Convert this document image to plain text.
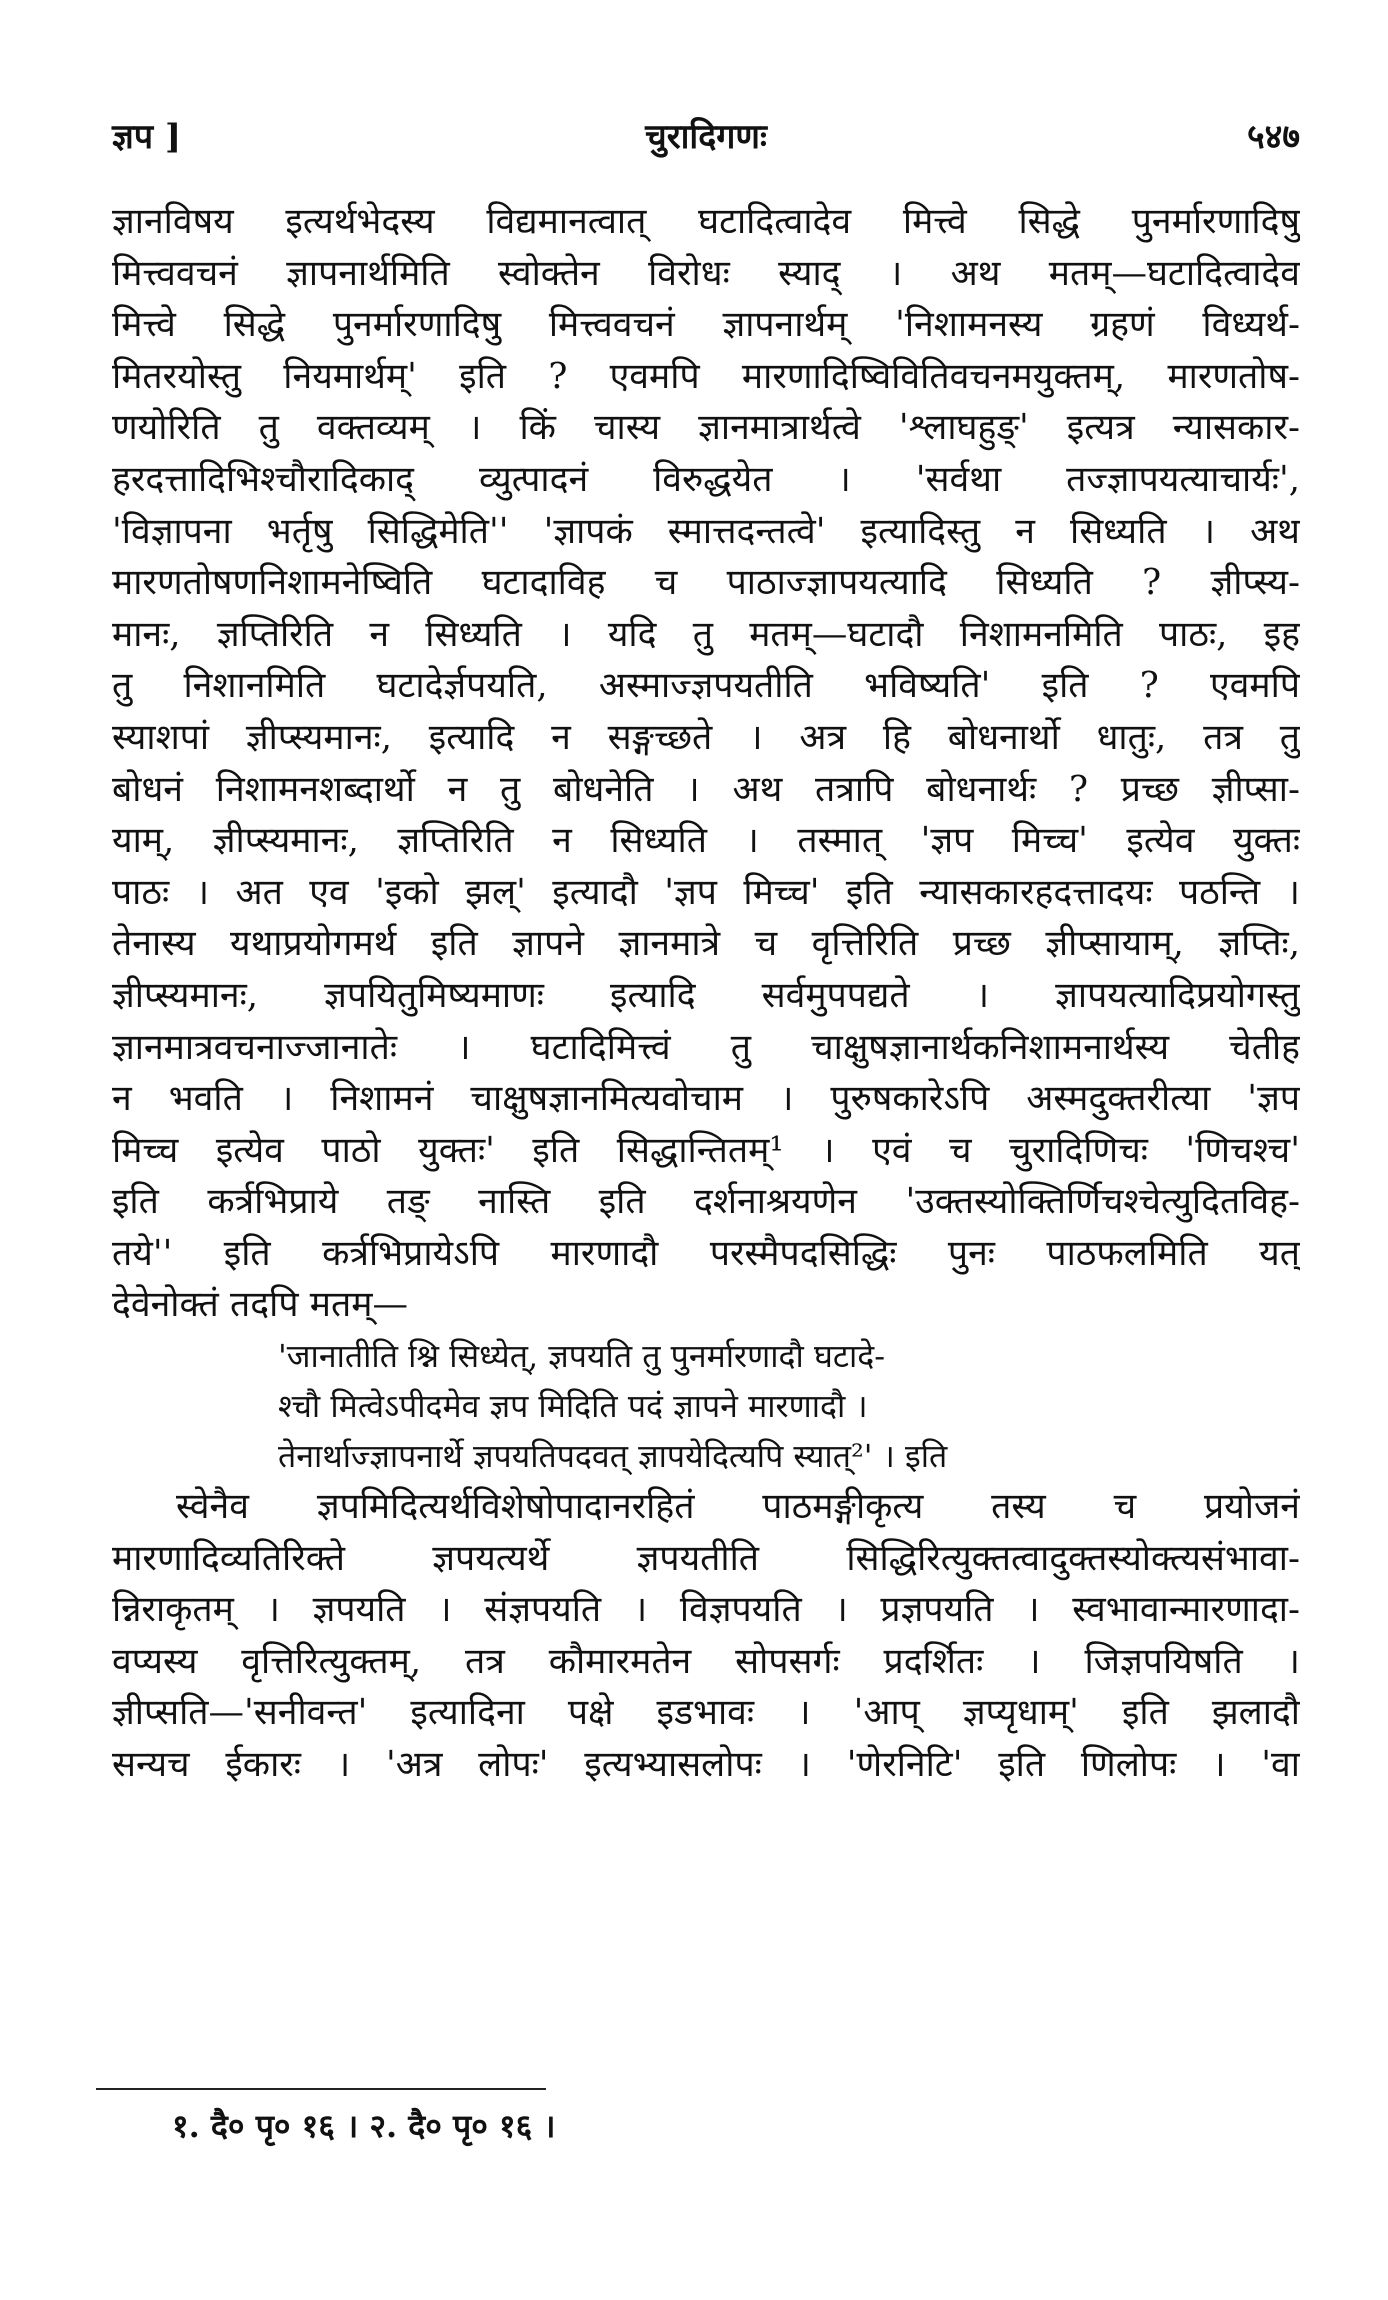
ज्ञप ]	चुरादिगणः	५४७
ज्ञानविषय इत्यर्थभेदस्य विद्यमानत्वात् घटादित्वादेव मित्त्वे सिद्धे पुनर्मारणादिषु
मित्त्ववचनं ज्ञापनार्थमिति स्वोक्तेन विरोधः स्याद् । अथ मतम्—घटादित्वादेव
मित्त्वे सिद्धे पुनर्मारणादिषु मित्त्ववचनं ज्ञापनार्थम् 'निशामनस्य ग्रहणं विध्यर्थ-
मितरयोस्तु नियमार्थम्' इति ? एवमपि मारणादिष्विवितिवचनमयुक्तम्, मारणतोष-
णयोरिति तु वक्तव्यम् । किं चास्य ज्ञानमात्रार्थत्वे 'श्लाघहुङ्' इत्यत्र न्यासकार-
हरदत्तादिभिश्चौरादिकाद् व्युत्पादनं विरुद्धयेत । 'सर्वथा तज्ज्ञापयत्याचार्यः',
'विज्ञापना भर्तृषु सिद्धिमेति'' 'ज्ञापकं स्मात्तदन्तत्वे' इत्यादिस्तु न सिध्यति । अथ
मारणतोषणनिशामनेष्विति घटादाविह च पाठाज्ज्ञापयत्यादि सिध्यति ? ज्ञीप्स्य-
मानः, ज्ञप्तिरिति न सिध्यति । यदि तु मतम्—घटादौ निशामनमिति पाठः, इह
तु निशानमिति घटादेर्ज्ञपयति, अस्माज्ज्ञपयतीति भविष्यति' इति ? एवमपि
स्याशपां ज्ञीप्स्यमानः, इत्यादि न सङ्गच्छते । अत्र हि बोधनार्थो धातुः, तत्र तु
बोधनं निशामनशब्दार्थो न तु बोधनेति । अथ तत्रापि बोधनार्थः ? प्रच्छ ज्ञीप्सा-
याम्, ज्ञीप्स्यमानः, ज्ञप्तिरिति न सिध्यति । तस्मात् 'ज्ञप मिच्च' इत्येव युक्तः
पाठः । अत एव 'इको झल्' इत्यादौ 'ज्ञप मिच्च' इति न्यासकारहदत्तादयः पठन्ति ।
तेनास्य यथाप्रयोगमर्थ इति ज्ञापने ज्ञानमात्रे च वृत्तिरिति प्रच्छ ज्ञीप्सायाम्, ज्ञप्तिः,
ज्ञीप्स्यमानः, ज्ञपयितुमिष्यमाणः इत्यादि सर्वमुपपद्यते । ज्ञापयत्यादिप्रयोगस्तु
ज्ञानमात्रवचनाज्जानातेः । घटादिमित्त्वं तु चाक्षुषज्ञानार्थकनिशामनार्थस्य चेतीह
न भवति । निशामनं चाक्षुषज्ञानमित्यवोचाम । पुरुषकारेऽपि अस्मदुक्तरीत्या 'ज्ञप
मिच्च इत्येव पाठो युक्तः' इति सिद्धान्तितम्¹ । एवं च चुरादिणिचः 'णिचश्च'
इति कर्त्रभिप्राये तङ् नास्ति इति दर्शनाश्रयणेन 'उक्तस्योक्तिर्णिचश्चेत्युदितविह-
तये'' इति कर्त्रभिप्रायेऽपि मारणादौ परस्मैपदसिद्धिः पुनः पाठफलमिति यत्
देवेनोक्तं तदपि मतम्—
'जानातीति श्नि सिध्येत्, ज्ञपयति तु पुनर्मारणादौ घटादे-
श्चौ मित्वेऽपीदमेव ज्ञप मिदिति पदं ज्ञापने मारणादौ ।
तेनार्थाज्ज्ञापनार्थे ज्ञपयतिपदवत् ज्ञापयेदित्यपि स्यात्²' । इति
स्वेनैव ज्ञपमिदित्यर्थविशेषोपादानरहितं पाठमङ्गीकृत्य तस्य च प्रयोजनं
मारणादिव्यतिरिक्ते ज्ञपयत्यर्थे ज्ञपयतीति सिद्धिरित्युक्तत्वादुक्तस्योक्त्यसंभावा-
न्निराकृतम् । ज्ञपयति । संज्ञपयति । विज्ञपयति । प्रज्ञपयति । स्वभावान्मारणादा-
वप्यस्य वृत्तिरित्युक्तम्, तत्र कौमारमतेन सोपसर्गः प्रदर्शितः । जिज्ञपयिषति ।
ज्ञीप्सति—'सनीवन्त' इत्यादिना पक्षे इडभावः । 'आप् ज्ञप्यृधाम्' इति झलादौ
सन्यच ईकारः । 'अत्र लोपः' इत्यभ्यासलोपः । 'णेरनिटि' इति णिलोपः । 'वा
१. दै० पृ० १६ । २. दै० पृ० १६ ।
